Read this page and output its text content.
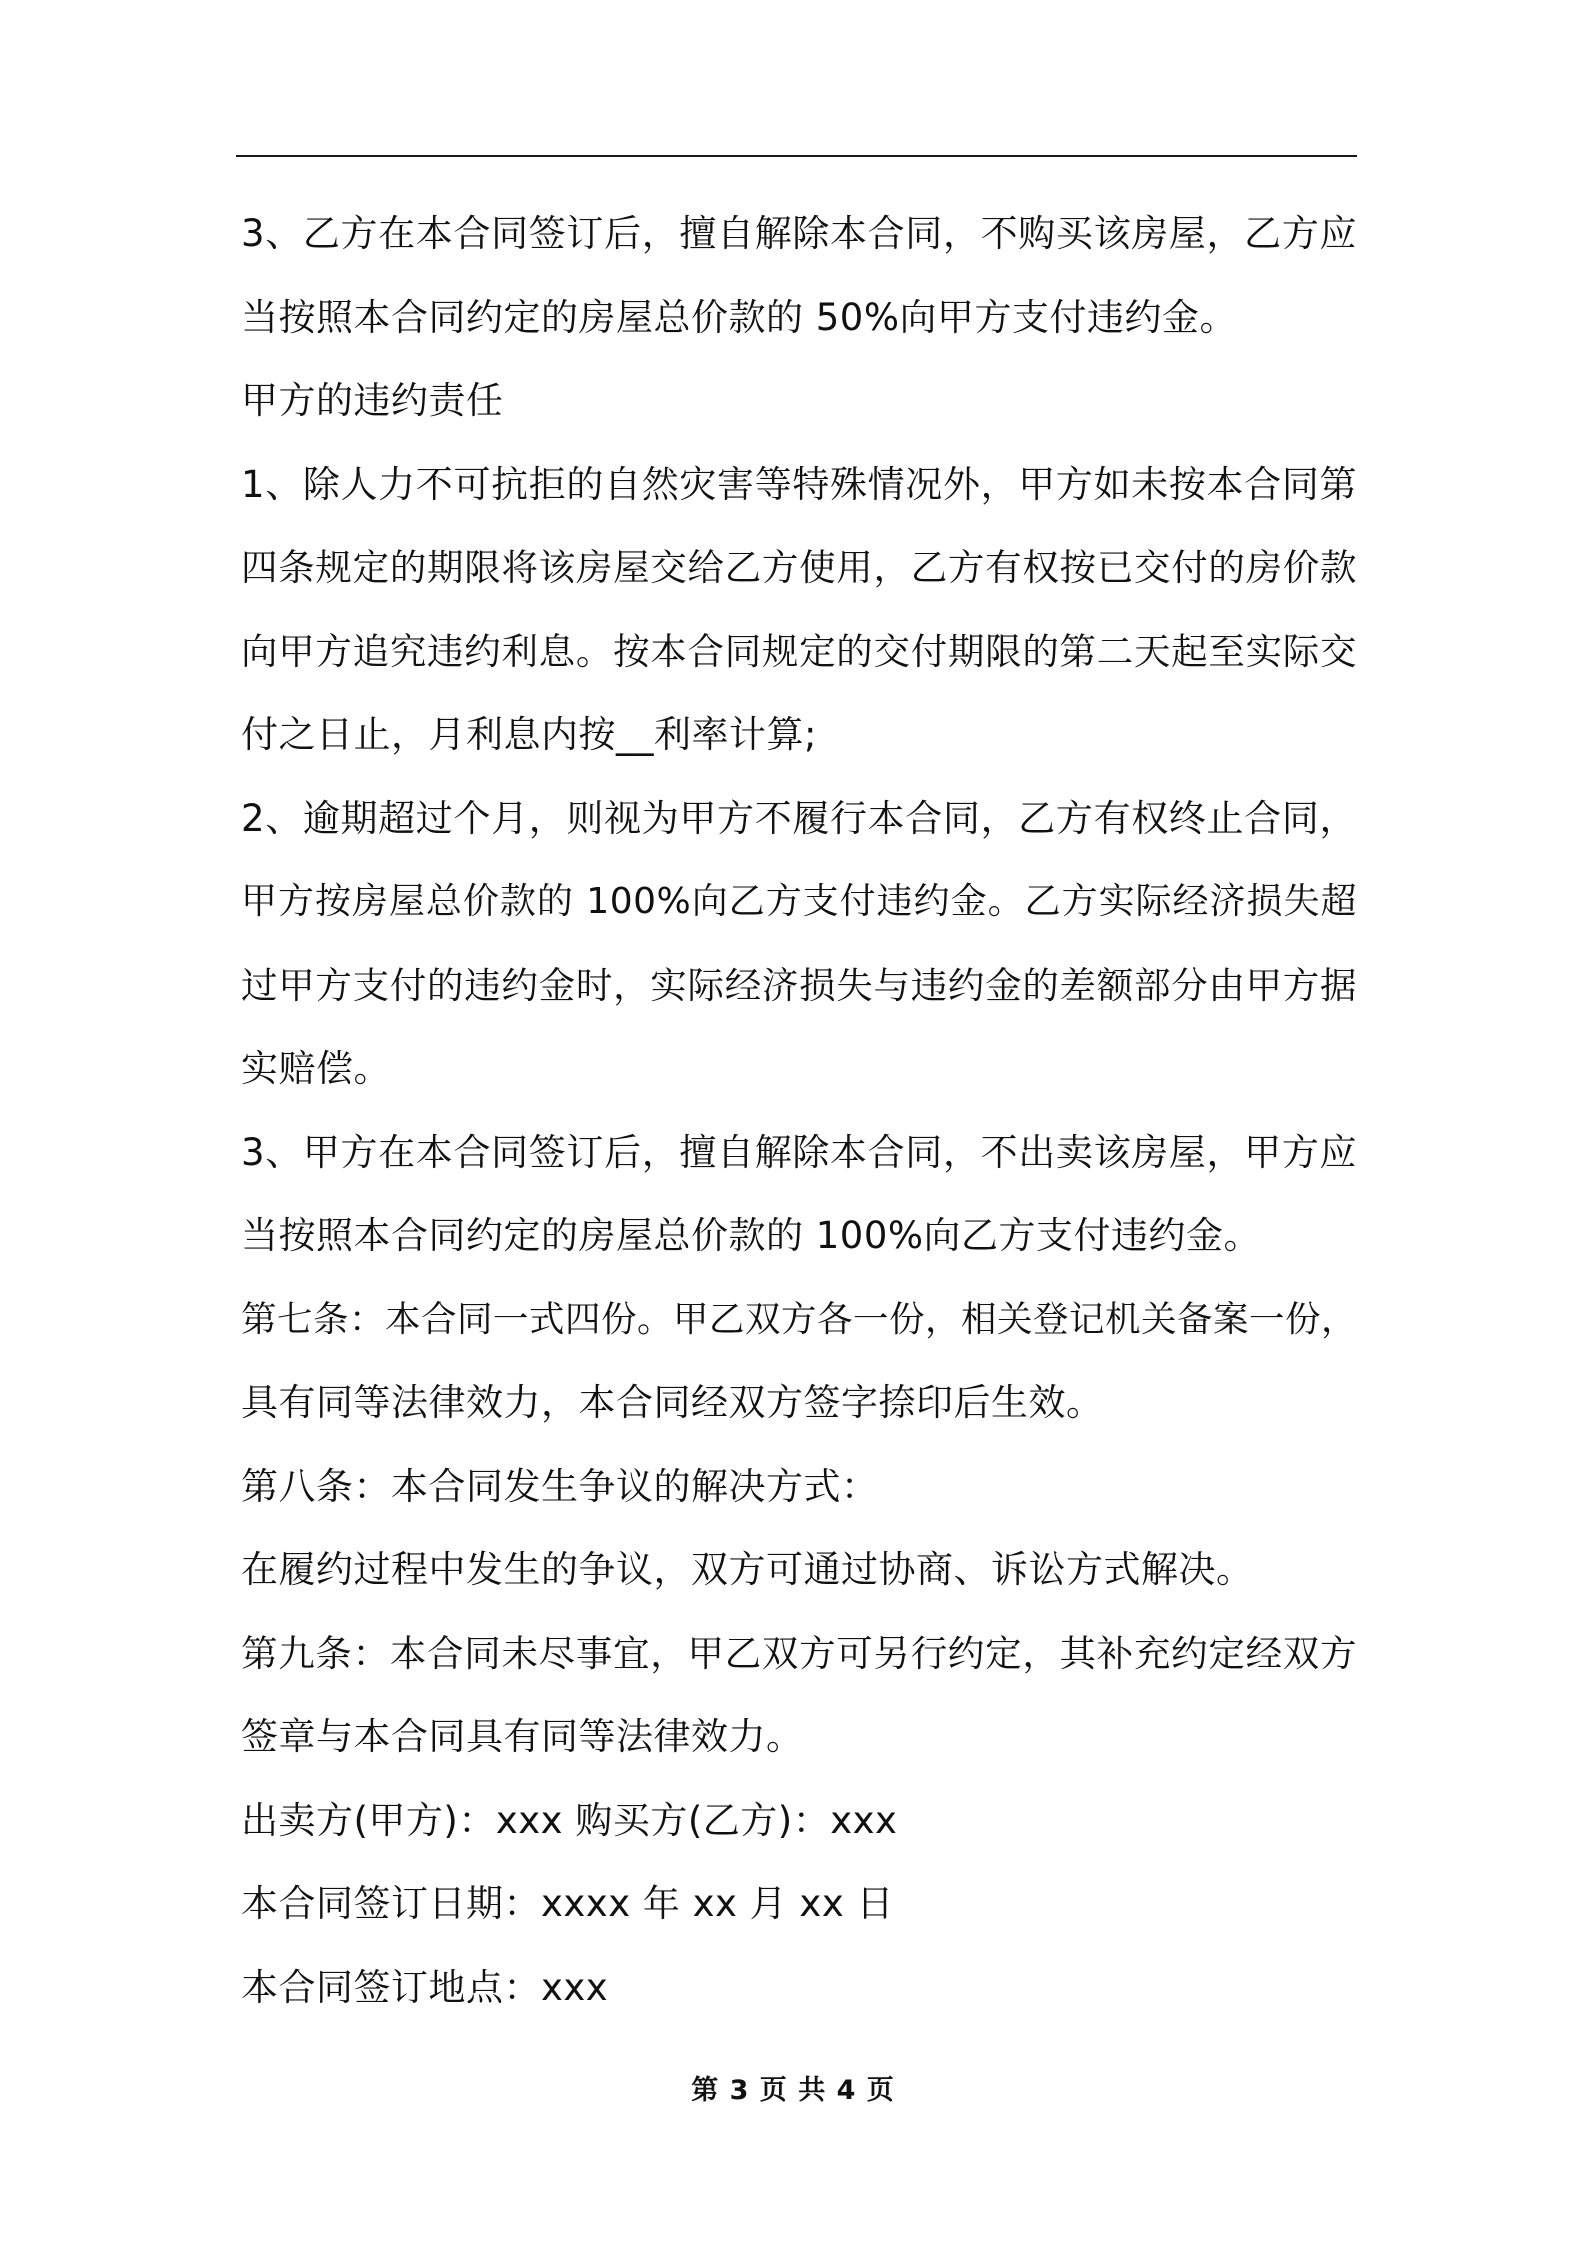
3、乙方在本合同签订后，擅自解除本合同，不购买该房屋，乙方应
当按照本合同约定的房屋总价款的 50%向甲方支付违约金。
甲方的违约责任
1、除人力不可抗拒的自然灾害等特殊情况外，甲方如未按本合同第
四条规定的期限将该房屋交给乙方使用，乙方有权按已交付的房价款
向甲方追究违约利息。按本合同规定的交付期限的第二天起至实际交
付之日止，月利息内按__利率计算;
2、逾期超过个月，则视为甲方不履行本合同，乙方有权终止合同，
甲方按房屋总价款的 100%向乙方支付违约金。乙方实际经济损失超
过甲方支付的违约金时，实际经济损失与违约金的差额部分由甲方据
实赔偿。
3、甲方在本合同签订后，擅自解除本合同，不出卖该房屋，甲方应
当按照本合同约定的房屋总价款的 100%向乙方支付违约金。
第七条：本合同一式四份。甲乙双方各一份，相关登记机关备案一份，
具有同等法律效力，本合同经双方签字捺印后生效。
第八条：本合同发生争议的解决方式：
在履约过程中发生的争议，双方可通过协商、诉讼方式解决。
第九条：本合同未尽事宜，甲乙双方可另行约定，其补充约定经双方
签章与本合同具有同等法律效力。
出卖方(甲方)：xxx 购买方(乙方)：xxx
本合同签订日期：xxxx 年 xx 月 xx 日
本合同签订地点：xxx
第 3 页 共 4 页
